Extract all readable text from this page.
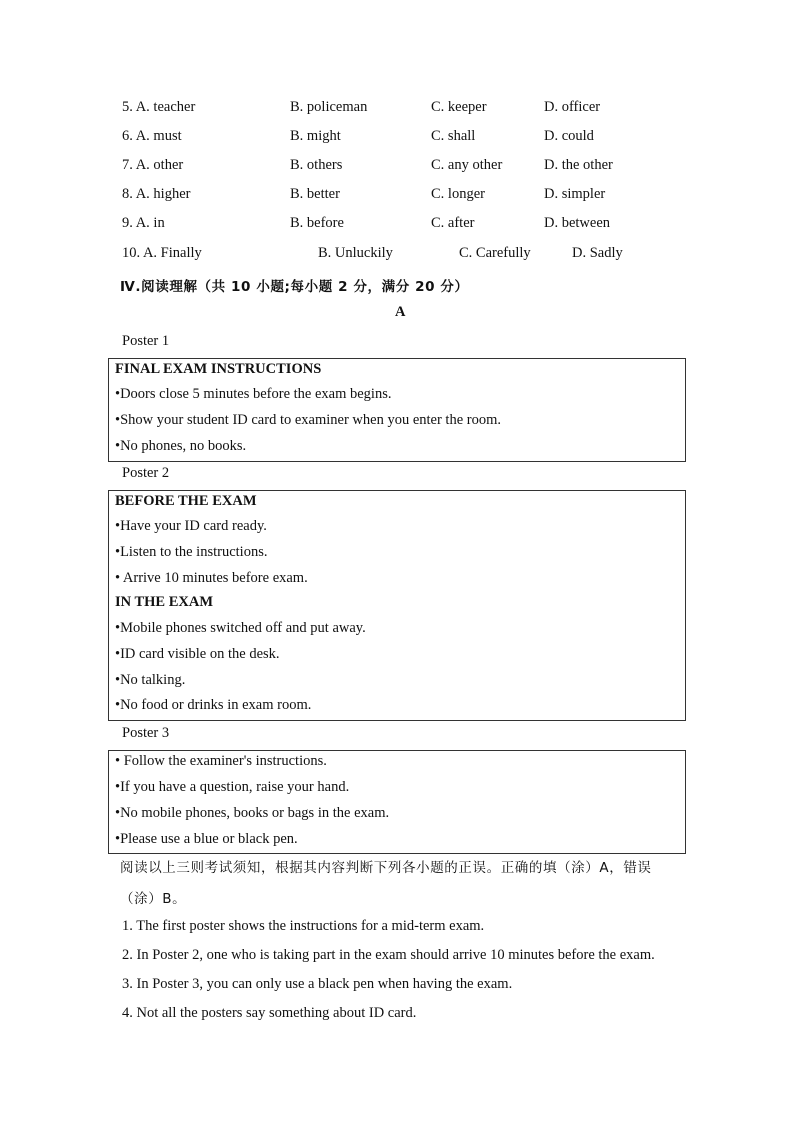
5. A. teacher	B. policeman	C. keeper	D. officer
6. A. must	B. might	C. shall	D. could
7. A. other	B. others	C. any other	D. the other
8. A. higher	B. better	C. longer	D. simpler
9. A. in	B. before	C. after	D. between
10. A. Finally	B. Unluckily	C. Carefully	D. Sadly
Ⅳ.阅读理解（共 10 小题;每小题 2 分，满分 20 分）
A
Poster 1
FINAL EXAM INSTRUCTIONS
•Doors close 5 minutes before the exam begins.
•Show your student ID card to examiner when you enter the room.
•No phones, no books.
Poster 2
BEFORE THE EXAM
•Have your ID card ready.
•Listen to the instructions.
• Arrive 10 minutes before exam.
IN THE EXAM
•Mobile phones switched off and put away.
•ID card visible on the desk.
•No talking.
•No food or drinks in exam room.
Poster 3
• Follow the examiner's instructions.
•If you have a question, raise your hand.
•No mobile phones, books or bags in the exam.
•Please use a blue or black pen.
阅读以上三则考试须知，根据其内容判断下列各小题的正误。正确的填（涂）A，错误
（涂）B。
1. The first poster shows the instructions for a mid-term exam.
2. In Poster 2, one who is taking part in the exam should arrive 10 minutes before the exam.
3. In Poster 3, you can only use a black pen when having the exam.
4. Not all the posters say something about ID card.
